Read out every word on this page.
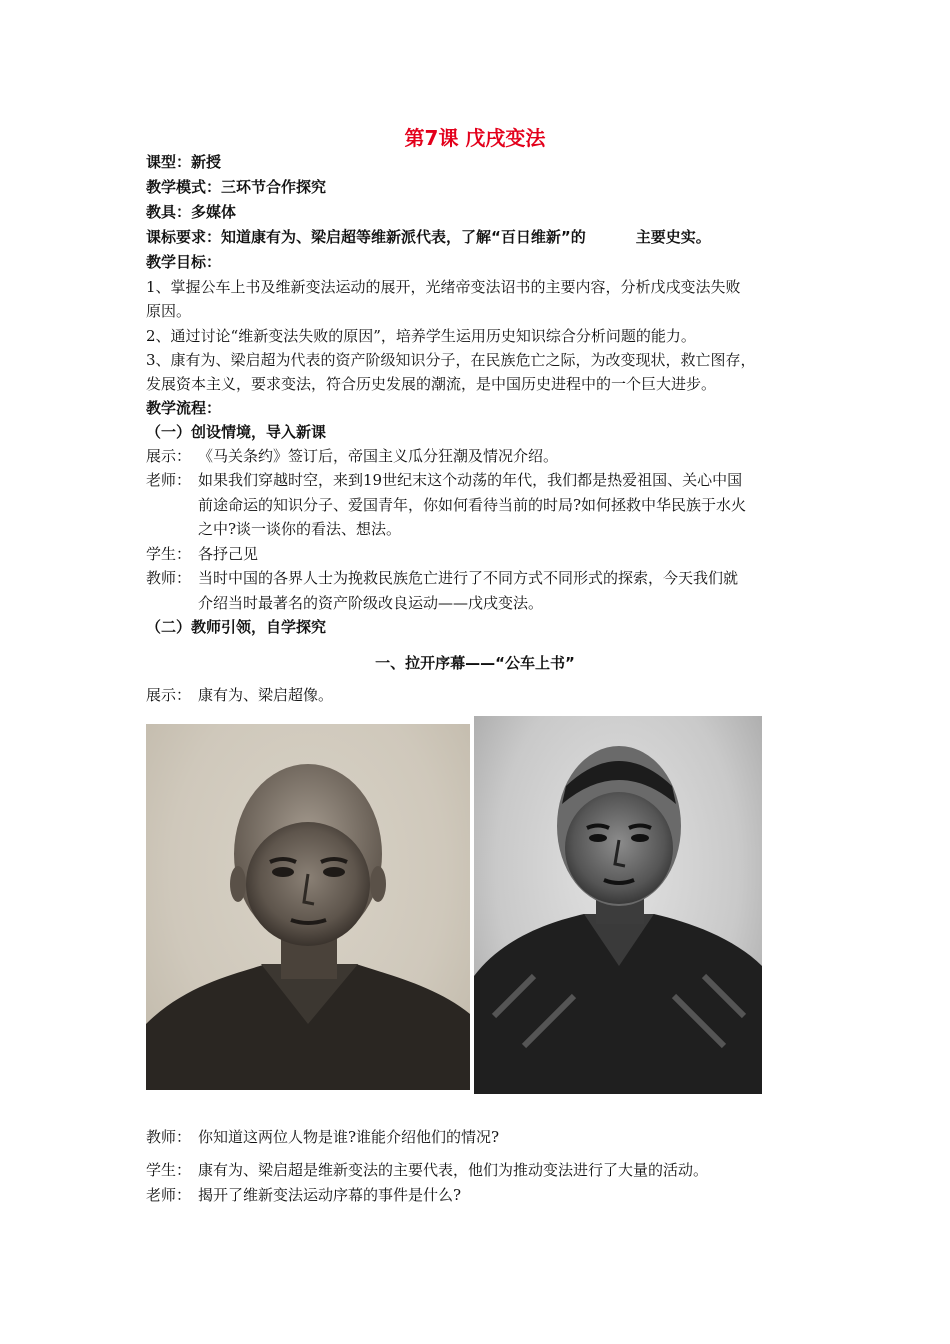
第7课 戊戌变法
课型：新授
教学模式：三环节合作探究
教具：多媒体
课标要求：知道康有为、梁启超等维新派代表，了解“百日维新”的	主要史实。
教学目标：
1、掌握公车上书及维新变法运动的展开，光绪帝变法诏书的主要内容，分析戊戌变法失败
原因。
2、通过讨论“维新变法失败的原因”，培养学生运用历史知识综合分析问题的能力。
3、康有为、梁启超为代表的资产阶级知识分子，在民族危亡之际，为改变现状，救亡图存，
发展资本主义，要求变法，符合历史发展的潮流，是中国历史进程中的一个巨大进步。
教学流程：
（一）创设情境，导入新课
展示： 《马关条约》签订后，帝国主义瓜分狂潮及情况介绍。
老师： 如果我们穿越时空，来到19世纪末这个动荡的年代，我们都是热爱祖国、关心中国
前途命运的知识分子、爱国青年，你如何看待当前的时局?如何拯救中华民族于水火
之中?谈一谈你的看法、想法。
学生： 各抒己见
教师： 当时中国的各界人士为挽救民族危亡进行了不同方式不同形式的探索，今天我们就
介绍当时最著名的资产阶级改良运动——戊戌变法。
（二）教师引领，自学探究
一、拉开序幕——“公车上书”
展示： 康有为、梁启超像。
教师： 你知道这两位人物是谁?谁能介绍他们的情况?
学生： 康有为、梁启超是维新变法的主要代表，他们为推动变法进行了大量的活动。
老师： 揭开了维新变法运动序幕的事件是什么?
